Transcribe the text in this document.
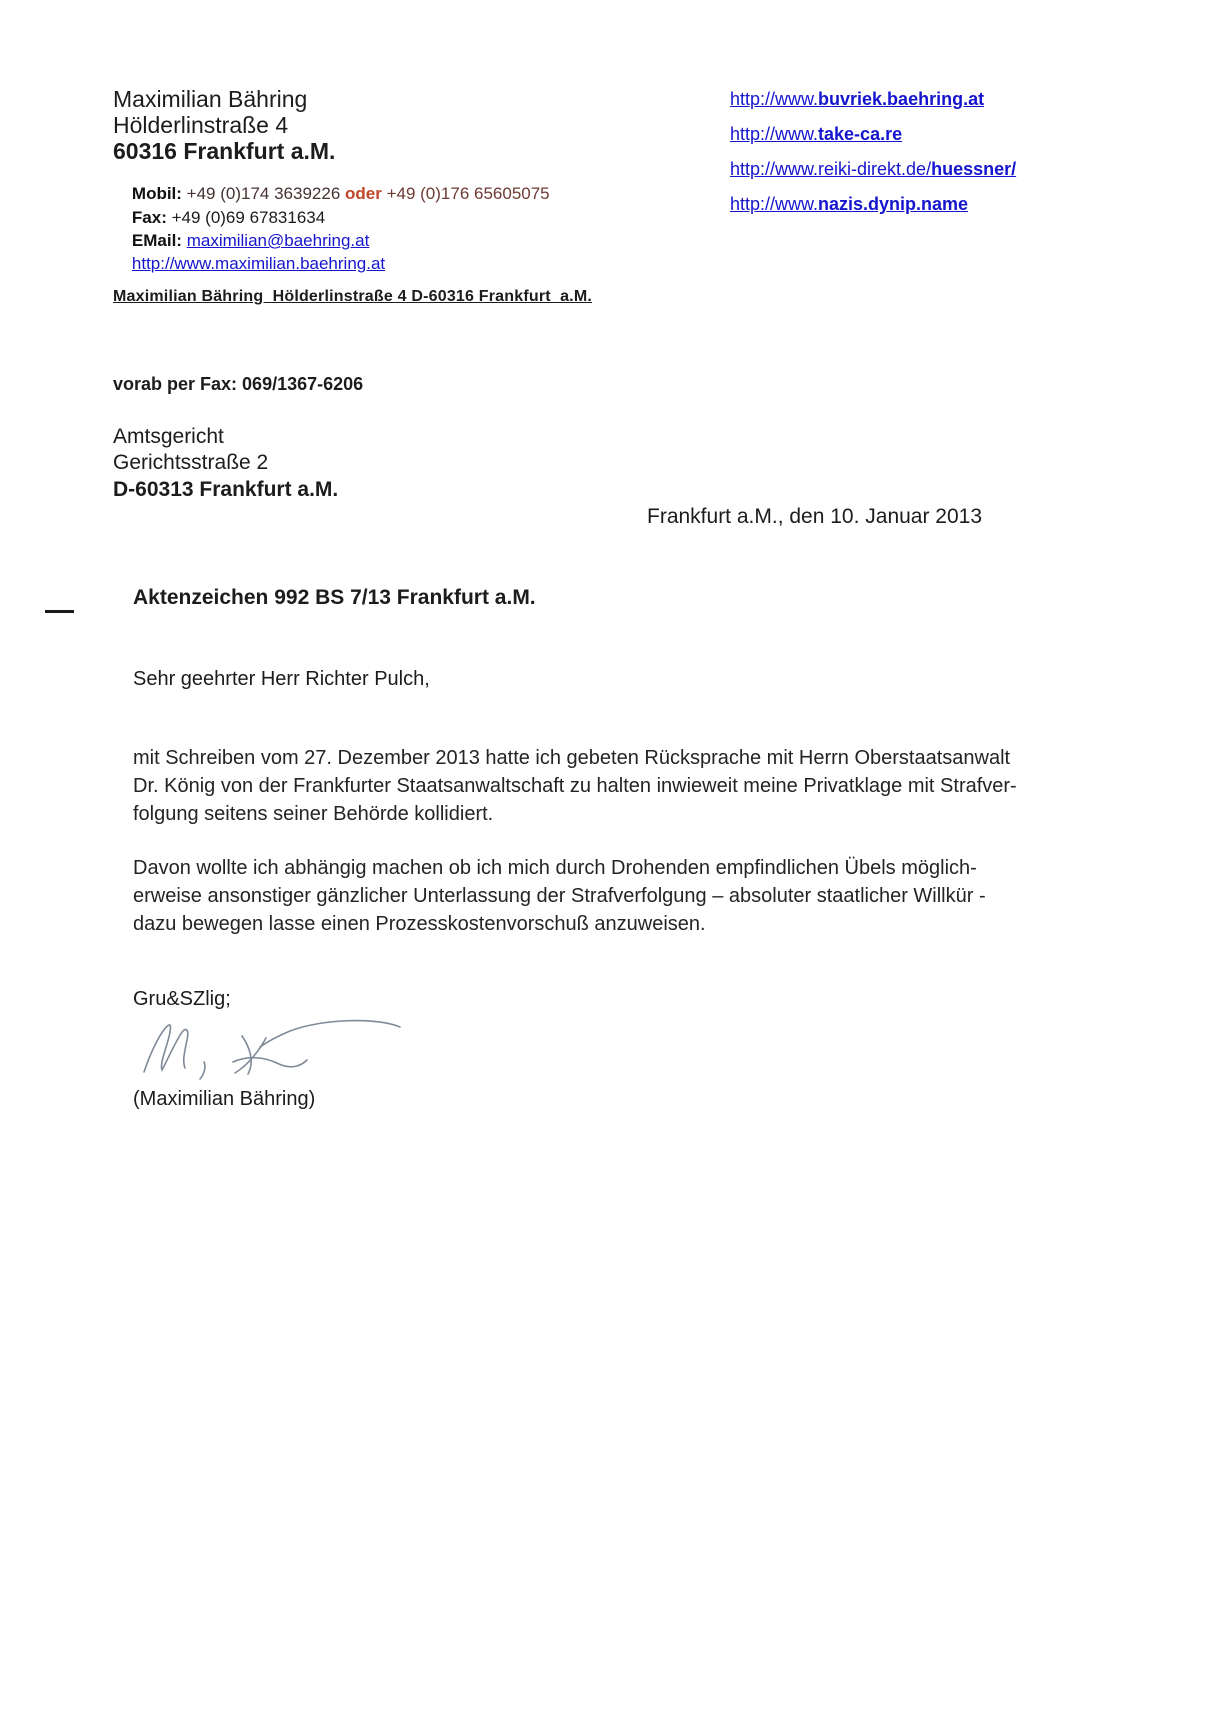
Maximilian Bähring
Hölderlinstraße 4
60316 Frankfurt a.M.

Mobil: +49 (0)174 3639226 oder +49 (0)176 65605075

Fax: +49 (0)69 67831634

EMail: maximilian@baehring.at

http://www.maximilian.baehring.at

http://www.buvriek.baehring.at
http://www.take-ca.re
http://www.reiki-direkt.de/huessner/
http://www.nazis.dynip.name
Maximilian Bähring  Hölderlinstraße 4 D-60316 Frankfurt  a.M.
vorab per Fax: 069/1367-6206
Amtsgericht
Gerichtsstraße 2
D-60313 Frankfurt a.M.
Frankfurt a.M., den 10. Januar 2013
Aktenzeichen 992 BS 7/13 Frankfurt a.M.
Sehr geehrter Herr Richter Pulch,
mit Schreiben vom 27. Dezember 2013 hatte ich gebeten Rücksprache mit Herrn Oberstaatsanwalt
Dr. König von der Frankfurter Staatsanwaltschaft zu halten inwieweit meine Privatklage mit Strafver-
folgung seitens seiner Behörde kollidiert.
Davon wollte ich abhängig machen ob ich mich durch Drohenden empfindlichen Übels möglich-
erweise ansonstiger gänzlicher Unterlassung der Strafverfolgung – absoluter staatlicher Willkür -
dazu bewegen lasse einen Prozesskostenvorschuß anzuweisen.
Gru&SZlig;
(Maximilian Bähring)
